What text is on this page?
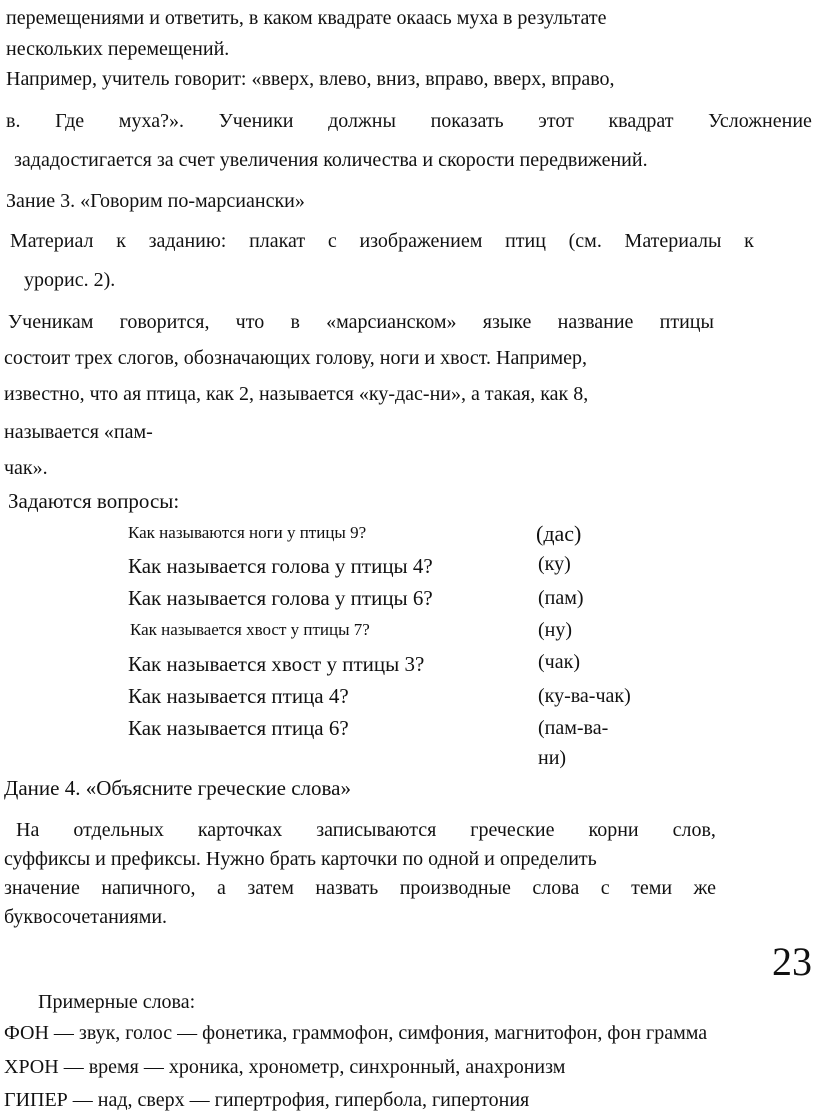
перемещениями и ответить, в каком квадрате окаась муха в результате
нескольких перемещений.
Например, учитель говорит: «вверх, влево, вниз, вправо, вверх, вправо,
в. Где муха?». Ученики должны показать этот квадрат Усложнение
зададостигается за счет увеличения количества и скорости передвижений.
Зание 3. «Говорим по-марсиански»
Материал к заданию: плакат с изображением птиц (см. Материалы к
урорис. 2).
Ученикам говорится, что в «марсианском» языке название птицы
состоит трех слогов, обозначающих голову, ноги и хвост. Например,
известно, что ая птица, как 2, называется «ку-дас-ни», а такая, как 8,
называется «пам-
чак».
Задаются вопросы:
Как называются ноги у птицы 9?	(дас)
Как называется голова у птицы 4?	(ку)
Как называется голова у птицы 6?	(пам)
Как называется хвост у птицы 7?	(ну)
Как называется хвост у птицы 3?	(чак)
Как называется птица 4?	(ку-ва-чак)
Как называется птица 6?	(пам-ва-
ни)
Дание 4. «Объясните греческие слова»
На отдельных карточках записываются греческие корни слов,
суффиксы и префиксы. Нужно брать карточки по одной и определить
значение напичного, а затем назвать производные слова с теми же
буквосочетаниями.
23
Примерные слова:
ФОН — звук, голос — фонетика, граммофон, симфония, магнитофон, фон грамма
ХРОН — время — хроника, хронометр, синхронный, анахронизм
ГИПЕР — над, сверх — гипертрофия, гипербола, гипертония
